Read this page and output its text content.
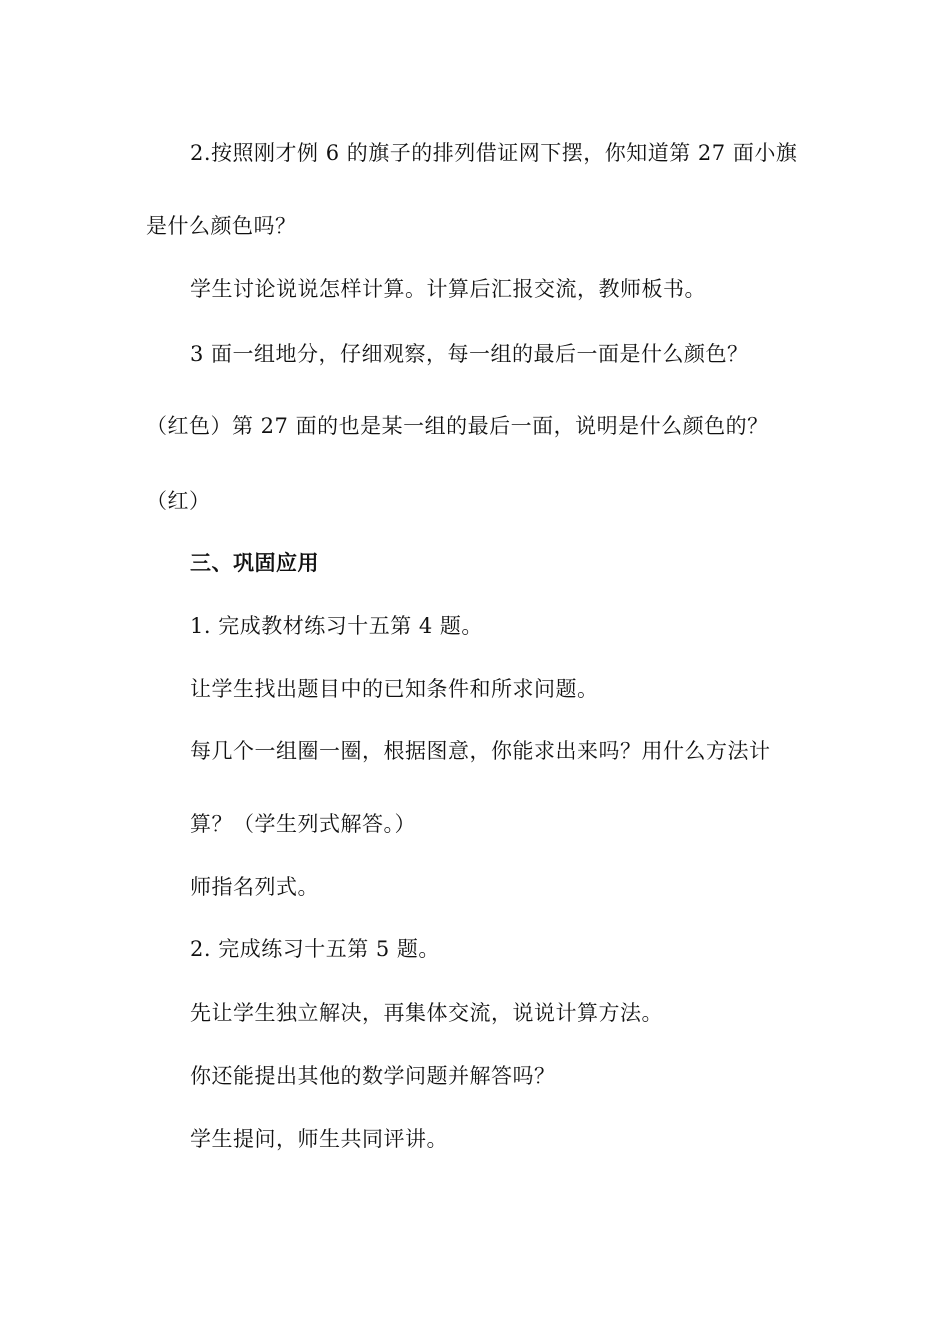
2.按照刚才例 6 的旗子的排列借证网下摆，你知道第 27 面小旗
是什么颜色吗？
学生讨论说说怎样计算。计算后汇报交流，教师板书。
3 面一组地分，仔细观察，每一组的最后一面是什么颜色？
（红色）第 27 面的也是某一组的最后一面，说明是什么颜色的？
（红）
三、巩固应用
1. 完成教材练习十五第 4 题。
让学生找出题目中的已知条件和所求问题。
每几个一组圈一圈，根据图意，你能求出来吗？用什么方法计
算？（学生列式解答。）
师指名列式。
2. 完成练习十五第 5 题。
先让学生独立解决，再集体交流，说说计算方法。
你还能提出其他的数学问题并解答吗？
学生提问，师生共同评讲。
